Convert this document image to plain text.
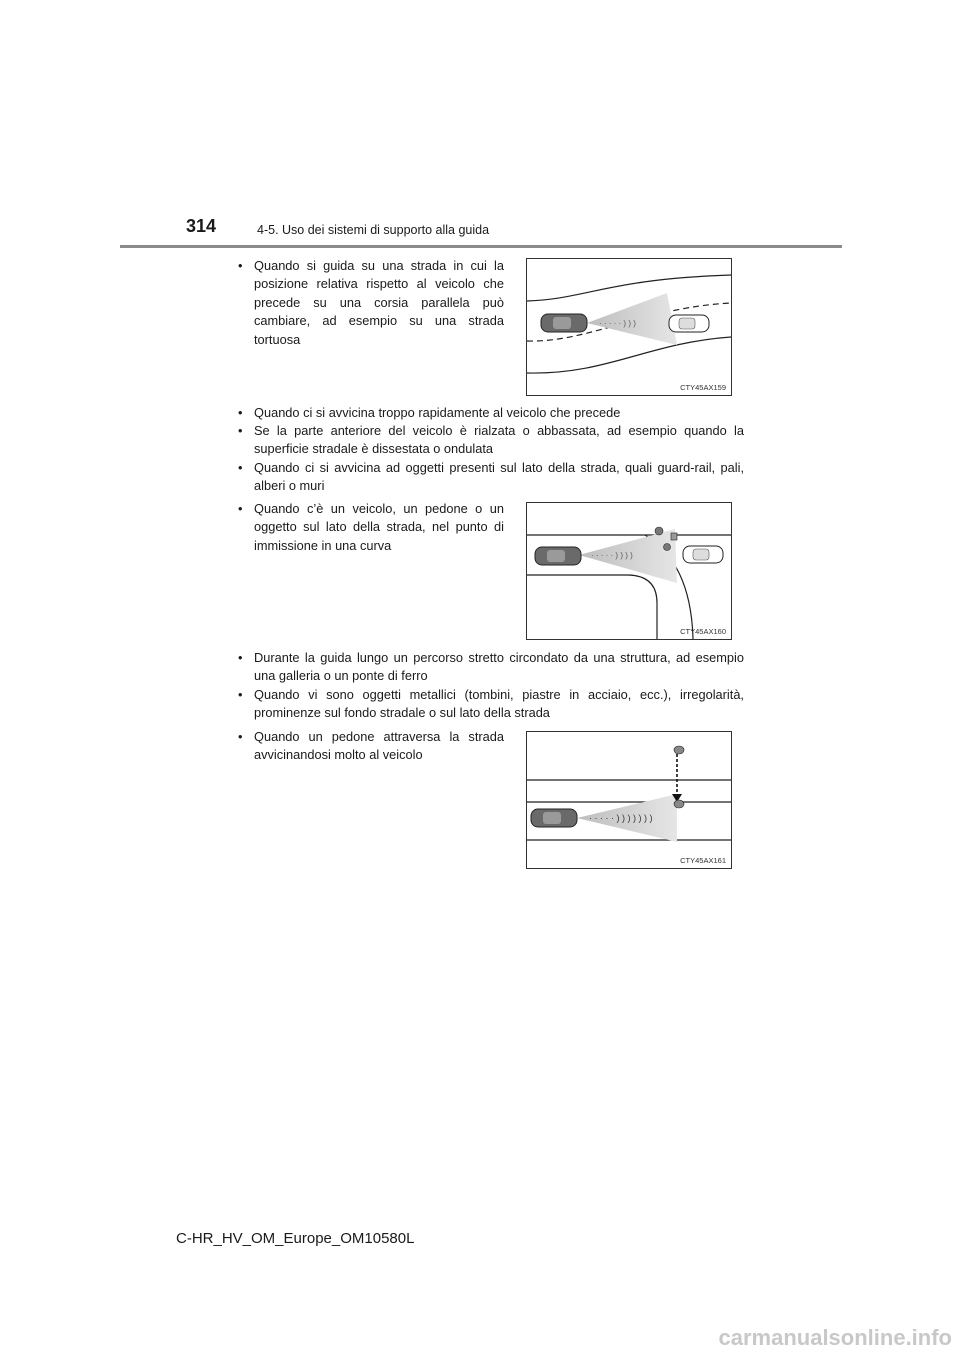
314	4-5. Uso dei sistemi di supporto alla guida
• Quando si guida su una strada in cui la posizione relativa rispetto al veicolo che precede su una corsia parallela può cambiare, ad esempio su una strada tortuosa
· · · · · ) ) )
CTY45AX159
• Quando ci si avvicina troppo rapidamente al veicolo che precede
• Se la parte anteriore del veicolo è rialzata o abbassata, ad esempio quando la superficie stradale è dissestata o ondulata
• Quando ci si avvicina ad oggetti presenti sul lato della strada, quali guard-rail, pali, alberi o muri
• Quando c’è un veicolo, un pedone o un oggetto sul lato della strada, nel punto di immissione in una curva
· · · · · ) ) ) )
CTY45AX160
• Durante la guida lungo un percorso stretto circondato da una struttura, ad esempio una galleria o un ponte di ferro
• Quando vi sono oggetti metallici (tombini, piastre in acciaio, ecc.), irregolarità, prominenze sul fondo stradale o sul lato della strada
• Quando un pedone attraversa la strada avvicinandosi molto al veicolo
· · · · · ) ) ) ) ) ) )
CTY45AX161
C-HR_HV_OM_Europe_OM10580L
carmanualsonline.info
